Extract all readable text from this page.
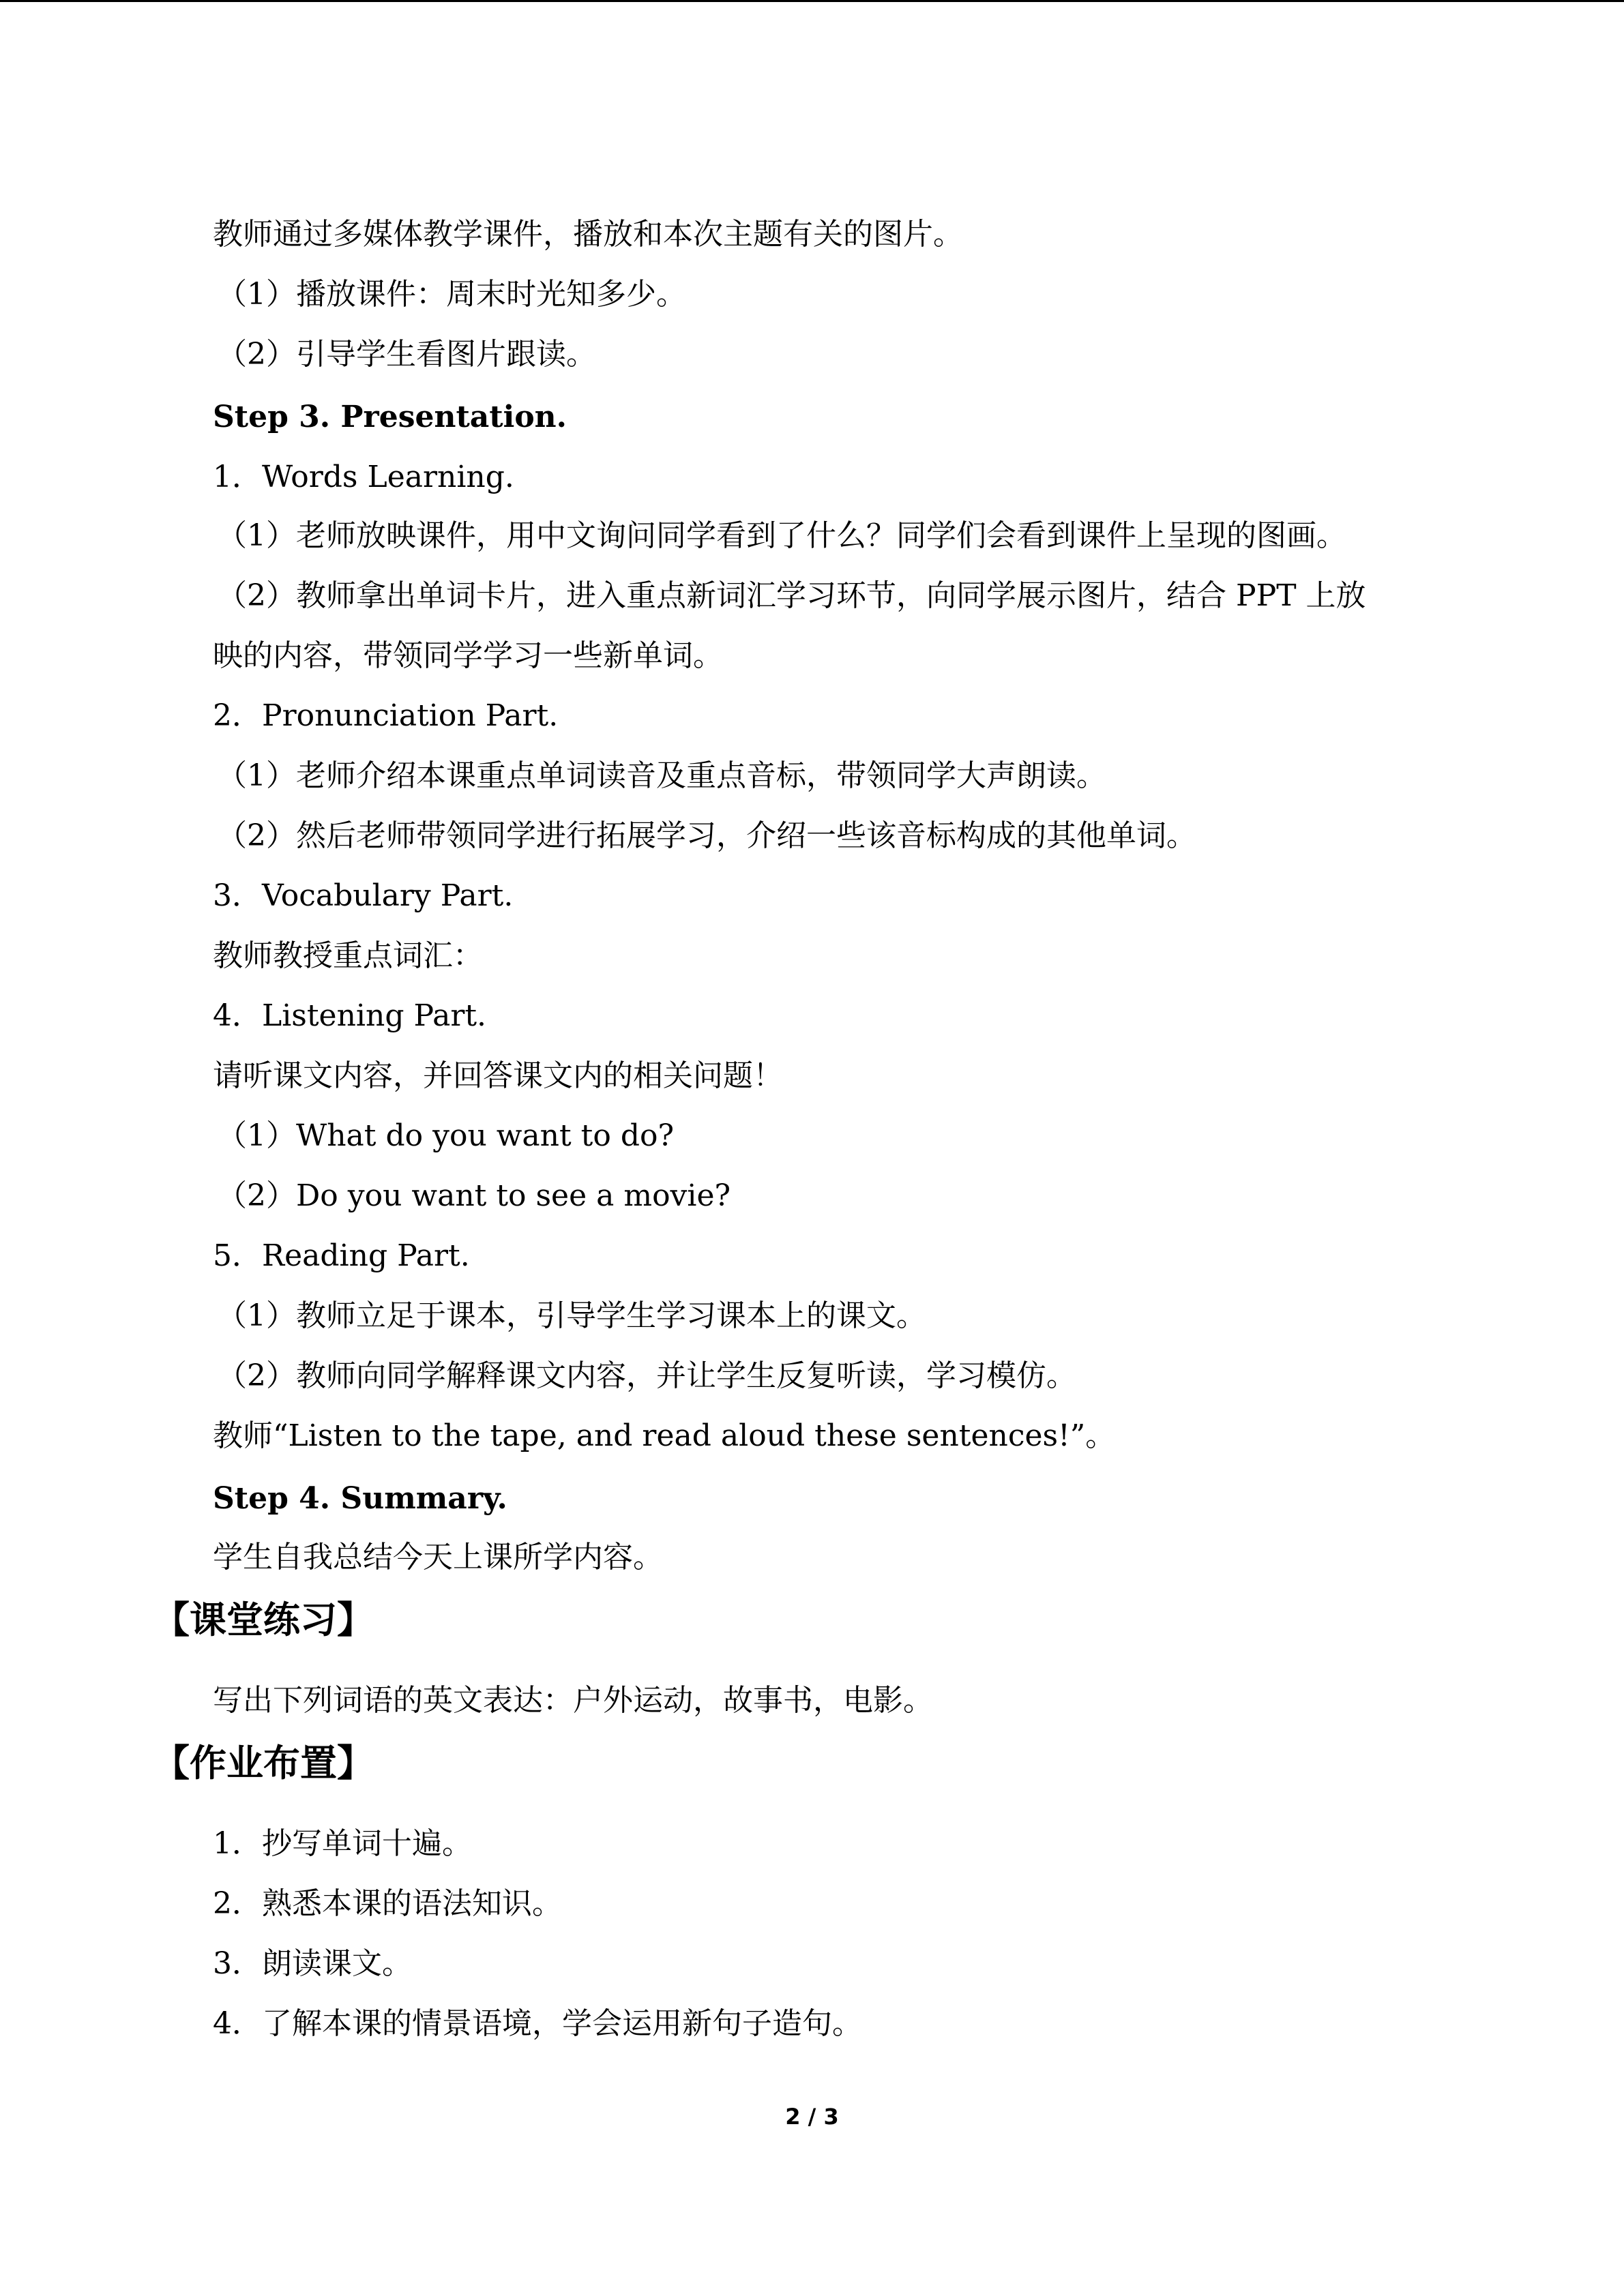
教师通过多媒体教学课件，播放和本次主题有关的图片。
（1）播放课件：周末时光知多少。
（2）引导学生看图片跟读。
Step 3. Presentation.
1．Words Learning.
（1）老师放映课件，用中文询问同学看到了什么？同学们会看到课件上呈现的图画。
（2）教师拿出单词卡片，进入重点新词汇学习环节，向同学展示图片，结合 PPT 上放
映的内容，带领同学学习一些新单词。
2．Pronunciation Part.
（1）老师介绍本课重点单词读音及重点音标，带领同学大声朗读。
（2）然后老师带领同学进行拓展学习，介绍一些该音标构成的其他单词。
3．Vocabulary Part.
教师教授重点词汇：
4．Listening Part.
请听课文内容，并回答课文内的相关问题！
（1）What do you want to do?
（2）Do you want to see a movie?
5．Reading Part.
（1）教师立足于课本，引导学生学习课本上的课文。
（2）教师向同学解释课文内容，并让学生反复听读，学习模仿。
教师“Listen to the tape, and read aloud these sentences!”。
Step 4. Summary.
学生自我总结今天上课所学内容。
【课堂练习】
写出下列词语的英文表达：户外运动，故事书，电影。
【作业布置】
1．抄写单词十遍。
2．熟悉本课的语法知识。
3．朗读课文。
4．了解本课的情景语境，学会运用新句子造句。
2 / 3
